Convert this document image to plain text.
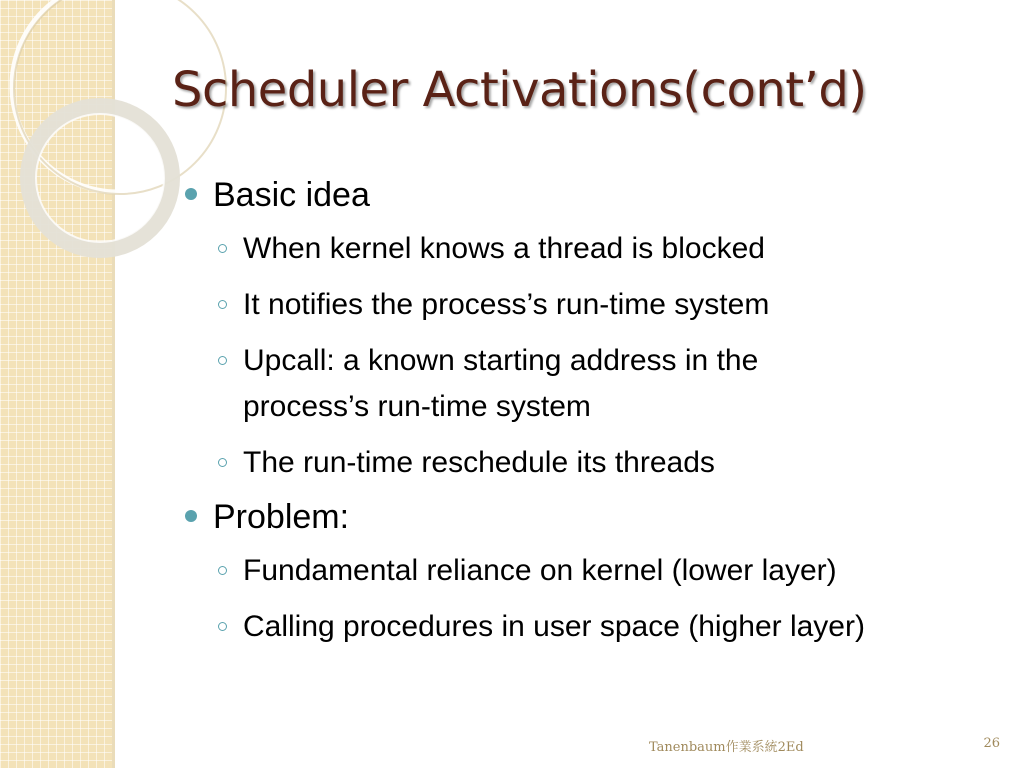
Scheduler Activations(cont’d)
Basic idea
When kernel knows a thread is blocked
It notifies the process’s run-time system
Upcall: a known starting address in the process’s run-time system
The run-time reschedule its threads
Problem:
Fundamental reliance on kernel (lower layer)
Calling procedures in user space (higher layer)
Tanenbaum作業系統2Ed	26
